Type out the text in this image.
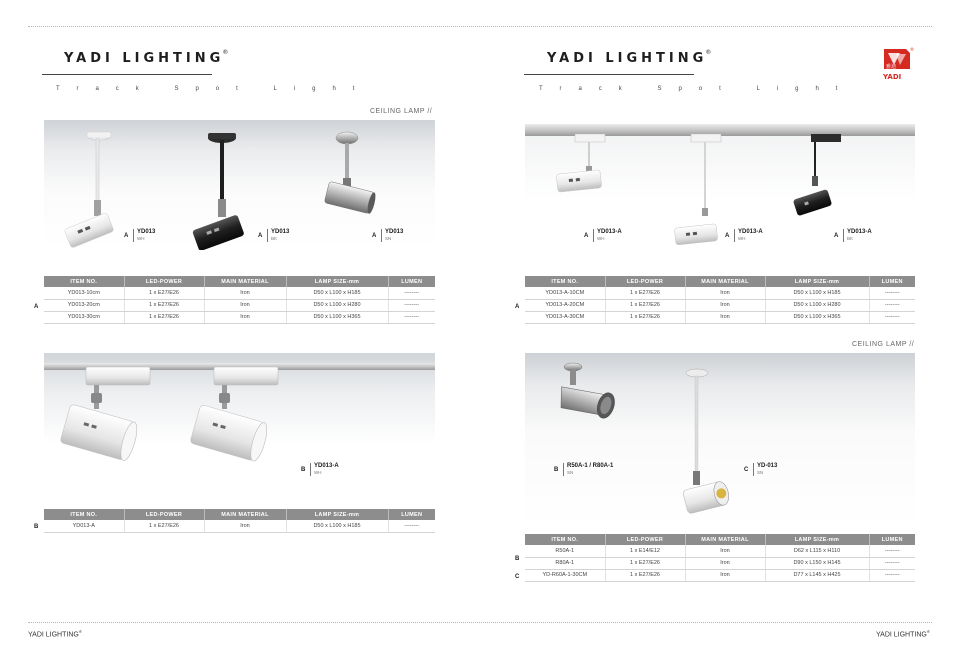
YADI LIGHTING®
Track Spot Light
CEILING LAMP //
A
YD013
WH	A
YD013
BK	A
YD013
SN
ITEM NO.	LED-POWER	MAIN MATERIAL	LAMP SIZE-mm	LUMEN
YD013-10cm	1 x E27/E26	Iron	D50 x L100 x H185	--------
YD013-20cm	1 x E27/E26	Iron	D50 x L100 x H280	--------
YD013-30cm	1 x E27/E26	Iron	D50 x L100 x H365	--------
A
B
YD013-A
WH
ITEM NO.	LED-POWER	MAIN MATERIAL	LAMP SIZE-mm	LUMEN
YD013-A	1 x E27/E26	Iron	D50 x L100 x H185	--------
B
YADI LIGHTING®
Track Spot Light
雅迪
YADI
®
A
YD013-A
WH	A
YD013-A
WH	A
YD013-A
BK
ITEM NO.	LED-POWER	MAIN MATERIAL	LAMP SIZE-mm	LUMEN
YD013-A-10CM	1 x E27/E26	Iron	D50 x L100 x H185	--------
YD013-A-20CM	1 x E27/E26	Iron	D50 x L100 x H280	--------
YD013-A-30CM	1 x E27/E26	Iron	D50 x L100 x H365	--------
A
CEILING LAMP //
B
R50A-1 / R80A-1
SN	C
YD-013
SN
ITEM NO.	LED-POWER	MAIN MATERIAL	LAMP SIZE-mm	LUMEN
R50A-1	1 x E14/E12	Iron	D62 x L115 x H110	--------
R80A-1	1 x E27/E26	Iron	D90 x L150 x H145	--------
YD-R60A-1-30CM	1 x E27/E26	Iron	D77 x L145 x H425	--------
B
C
YADI LIGHTING®	YADI LIGHTING®
